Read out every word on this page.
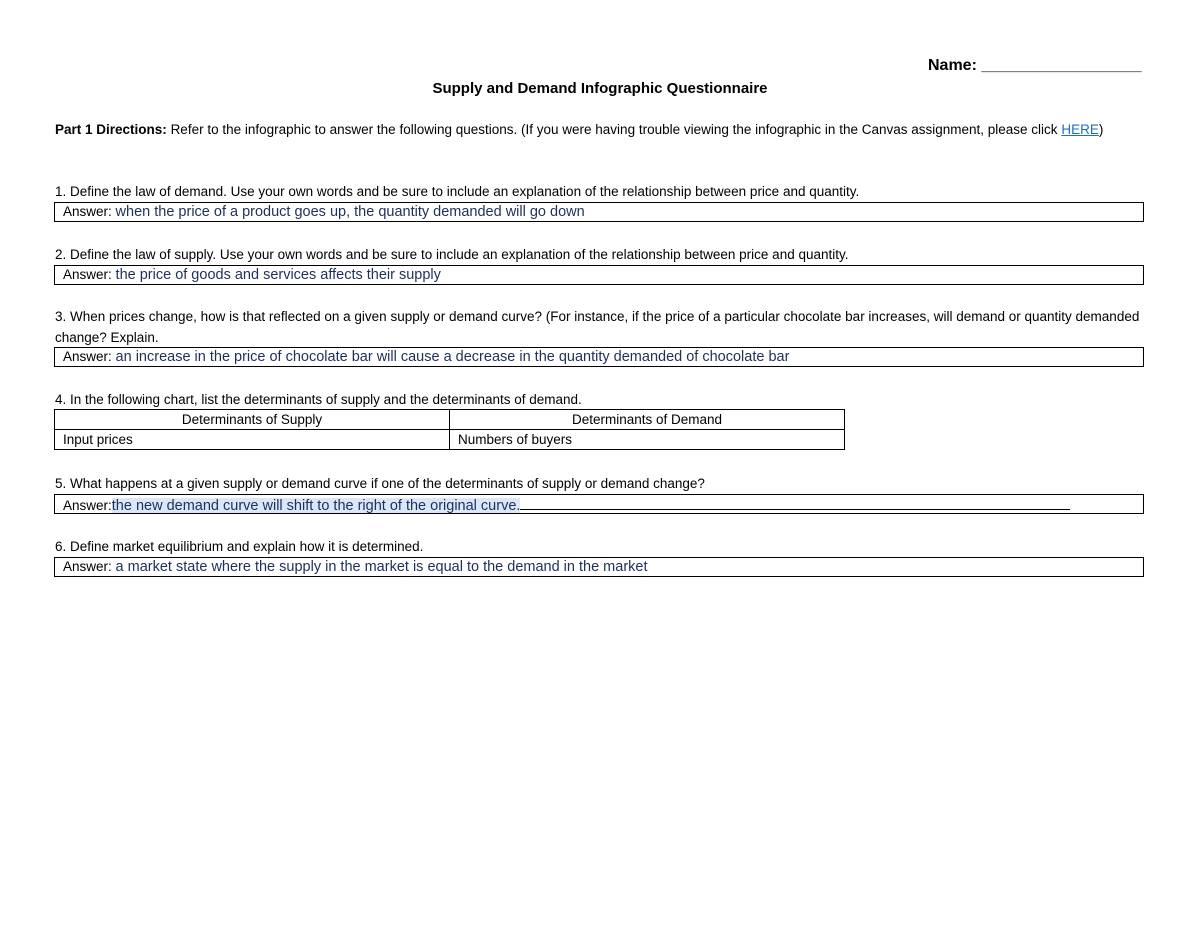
Name: __________________
Supply and Demand Infographic Questionnaire
Part 1 Directions: Refer to the infographic to answer the following questions. (If you were having trouble viewing the infographic in the Canvas assignment, please click HERE)
1. Define the law of demand. Use your own words and be sure to include an explanation of the relationship between price and quantity.
Answer: when the price of a product goes up, the quantity demanded will go down
2. Define the law of supply. Use your own words and be sure to include an explanation of the relationship between price and quantity.
Answer: the price of goods and services affects their supply
3. When prices change, how is that reflected on a given supply or demand curve? (For instance, if the price of a particular chocolate bar increases, will demand or quantity demanded change? Explain.
Answer: an increase in the price of chocolate bar will cause a decrease in the quantity demanded of chocolate bar
4. In the following chart, list the determinants of supply and the determinants of demand.
Determinants of Supply	Determinants of Demand
Input prices	Numbers of buyers
5. What happens at a given supply or demand curve if one of the determinants of supply or demand change?
Answer:the new demand curve will shift to the right of the original curve.
6. Define market equilibrium and explain how it is determined.
Answer: a market state where the supply in the market is equal to the demand in the market
